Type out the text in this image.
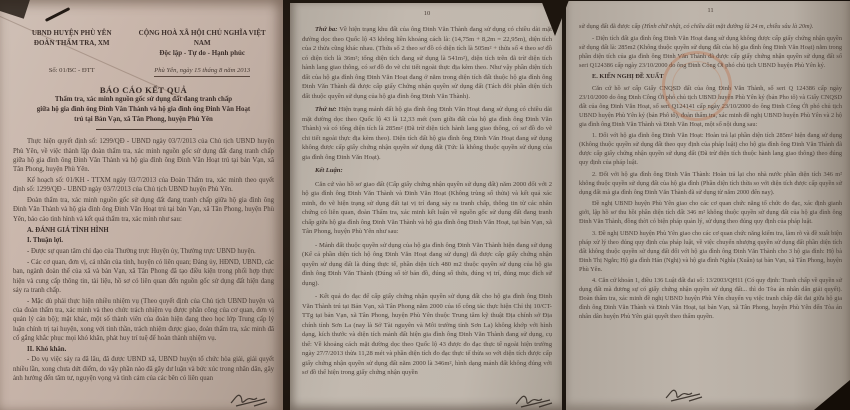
UBND HUYỆN PHÙ YÊN
ĐOÀN THẨM TRA, XM
CỘNG HOÀ XÃ HỘI CHỦ NGHĨA VIỆT NAM
Độc lập - Tự do - Hạnh phúc
Số: 01/BC - ĐTT	Phù Yên, ngày 15 tháng 8 năm 2013
BÁO CÁO KẾT QUẢ
Thẩm tra, xác minh nguồn gốc sử dụng đất đang tranh chấp
giữa hộ gia đình ông Đinh Văn Thành và hộ gia đình ông Đinh Văn Hoạt
trú tại Bản Vạn, xã Tân Phong, huyện Phù Yên

Thực hiện quyết định số: 1299/QĐ - UBND ngày 03/7/2013 của Chủ tịch UBND huyện Phù Yên, về việc thành lập đoàn thẩm tra, xác minh nguồn gốc sử dụng đất đang tranh chấp giữa hộ gia đình ông Đinh Văn Thành và hộ gia đình ông Đinh Văn Hoạt trú tại bản Vạn, xã Tân Phong, huyện Phù Yên.

Kế hoạch số: 01/KH - TTXM ngày 03/7/2013 của Đoàn Thẩm tra, xác minh theo quyết định số: 1299/QĐ - UBND ngày 03/7/2013 của Chủ tịch UBND huyện Phù Yên.

Đoàn thẩm tra, xác minh nguồn gốc sử dụng đất đang tranh chấp giữa hộ gia đình ông Đinh Văn Thành và hộ gia đình ông Đinh Văn Hoạt trú tại bản Vạn, xã Tân Phong, huyện Phù Yên, báo cáo tình hình và kết quả thẩm tra, xác minh như sau:

A. ĐÁNH GIÁ TÌNH HÌNH

I. Thuận lợi.

- Được sự quan tâm chỉ đạo của Thường trực Huyện ủy, Thường trực UBND huyện.

- Các cơ quan, đơn vị, cá nhân của tỉnh, huyện có liên quan; Đảng ủy, HĐND, UBND, các ban, ngành đoàn thể của xã và bản Vạn, xã Tân Phong đã tạo điều kiện trong phối hợp thực hiện và cung cấp thông tin, tài liệu, hồ sơ có liên quan đến nguồn gốc sử dụng đất hiện đang sảy ra tranh chấp.

- Mặc dù phải thực hiện nhiều nhiệm vụ (Theo quyết định của Chủ tịch UBND huyện và của đoàn thẩm tra, xác minh và theo chức trách nhiệm vụ được phân công của cơ quan, đơn vị quản lý cán bộ); mặt khác, một số thành viên của đoàn hiện đang theo học lớp Trung cấp lý luận chính trị tại huyện, xong với tinh thần, trách nhiệm được giao, đoàn thẩm tra, xác minh đã cố gắng khắc phục mọi khó khăn, phát huy trí tuệ để hoàn thành nhiệm vụ.

II. Khó khăn.

- Do vụ việc sảy ra đã lâu, đã được UBND xã, UBND huyện tổ chức hòa giải, giải quyết nhiều lần, xong chưa dứt điểm, do vậy phần nào đã gây dư luận và bức xúc trong nhân dân, gây ảnh hưởng đến tâm tư, nguyện vọng và tình cảm của các bên có liên quan

10

Thứ ba: Về hiện trạng khu đất của ông Đinh Văn Thành đang sử dụng có chiều dài mặt đường dọc theo Quốc lộ 43 không liền khoảng cách là: (14,75m + 8,2m = 22,95m), diện tích của 2 thửa cũng khác nhau. (Thửa số 2 theo sơ đồ có diện tích là 505m² + thửa số 4 theo sơ đồ có diện tích là 36m²; tổng diện tích đang sử dụng là 541m²), diện tích trên đã trừ diện tích hành lang giao thông, có sơ đồ đo vẽ chi tiết ngoài thực địa kèm theo. Như vậy phần diện tích đất của hộ gia đình ông Đinh Văn Hoạt đang ở nằm trong diện tích đất thuộc hộ gia đình ông Đinh Văn Thành đã được cấp giấy Chứng nhận quyền sử dụng đất (Tách đôi phần diện tích đất thuộc quyền sử dụng của hộ gia đình ông Đinh Văn Thành).

Thứ tư: Hiện trạng mảnh đất hộ gia đình ông Đinh Văn Hoạt đang sử dụng có chiều dài mặt đường dọc theo Quốc lộ 43 là 12,33 mét (xen giữa đất của hộ gia đình ông Đinh Văn Thành) và có tổng diện tích là 285m² (Đã trừ diện tích hành lang giao thông, có sơ đồ đo vẽ chi tiết ngoài thực địa kèm theo). Diện tích đất hộ gia đình ông Đinh Văn Hoạt đang sử dụng không được cấp giấy chứng nhận quyền sử dụng đất (Tức là không thuộc quyền sử dụng của gia đình ông Đinh Văn Hoạt).

Kết Luận:

Căn cứ vào hồ sơ giao đất (Cấp giấy chứng nhận quyền sử dụng đất) năm 2000 đối với 2 hộ gia đình ông Đinh Văn Thành và Đinh Văn Hoạt (Không trùng số thửa) và kết quả xác minh, đo vẽ hiện trạng sử dụng đất tại vị trí đang sảy ra tranh chấp, thông tin từ các nhân chứng có liên quan, đoàn Thẩm tra, xác minh kết luận về nguồn gốc sử dụng đất đang tranh chấp giữa hộ gia đình ông Đinh Văn Thành và hộ gia đình ông Đinh Văn Hoạt, tại bản Vạn, xã Tân Phong, huyện Phù Yên như sau:

- Mảnh đất thuộc quyền sử dụng của hộ gia đình ông Đinh Văn Thành hiện đang sử dụng (Kể cả phần diện tích hộ ông Đinh Văn Hoạt đang sử dụng) đã được cấp giấy chứng nhận quyền sử dụng đất là đúng thực tế, phần diện tích 480 m2 thuộc quyền sử dụng của hộ gia đình ông Đinh Văn Thành (Đúng số tờ bản đồ, đúng số thửa, đúng vị trí, đúng mục đích sử dụng).

- Kết quả đo đạc để cấp giấy chứng nhận quyền sử dụng đất cho hộ gia đình ông Đinh Văn Thành trú tại Bản Vạn, xã Tân Phong năm 2000 của tổ công tác thực hiện Chỉ thị 10/CT-TTg tại bản Vạn, xã Tân Phong, huyện Phù Yên thuộc Trung tâm kỹ thuật Địa chính sở Địa chính tỉnh Sơn La (nay là Sở Tài nguyên và Môi trường tỉnh Sơn La) không khớp với hình dạng, kích thước và diện tích mảnh đất hiện gia đình ông Đinh Văn Thành đang sử dụng, cụ thể: Về khoảng cách mặt đường dọc theo Quốc lộ 43 được đo đạc thực tế ngoài hiện trường ngày 27/7/2013 thừa 11,28 mét và phần diện tích đo đạc thực tế thừa so với diện tích được cấp giấy chứng nhận quyền sử dụng đất năm 2000 là 346m², hình dạng mảnh đất không đúng với sơ đồ thể hiện trong giấy chứng nhận quyền

11

sử dụng đất đã được cấp (Hình chữ nhật, có chiều dài mặt đường là 24 m, chiều sâu là 20m).

- Diện tích đất gia đình ông Đinh Văn Hoạt đang sử dụng không được cấp giấy chứng nhận quyền sử dụng đất là: 285m2 (Không thuộc quyền sử dụng đất của hộ gia đình ông Đinh Văn Hoạt) nằm trong phần diện tích của gia đình ông Đinh Văn Thành đã được cấp giấy chứng nhận quyền sử dụng đất số seri Q124386 cấp ngày 23/10/2000 do ông Đinh Công Ởi phó chủ tịch UBND huyện Phù Yên ký.

E. KIẾN NGHỊ ĐỀ XUẤT

Căn cứ hồ sơ cấp Giấy CNQSD đất của ông Đinh Văn Thành, số seri Q 124386 cấp ngày 23/10/2000 do ông Đinh Công Ởi phó chủ tịch UBND huyện Phù Yên ký (bản Pho tô) và Giấy CNQSD đất của ông Đinh Văn Hoạt, số seri Q124141 cấp ngày 23/10/2000 do ông Đinh Công Ởi phó chủ tịch UBND huyện Phù Yên ký (bản Phô tô), đoàn thẩm tra, xác minh đề nghị UBND huyện Phù Yên và 2 hộ gia đình ông Đinh Văn Thành và Đinh Văn Hoạt, một số nội dung sau:

1. Đối với hộ gia đình ông Đinh Văn Hoạt: Hoàn trả lại phần diện tích 285m² hiện đang sử dụng (Không thuộc quyền sử dụng đất theo quy định của pháp luật) cho hộ gia đình ông Đinh Văn Thành đã được cấp giấy chứng nhận quyền sử dụng đất (Đã trừ diện tích thuộc hành lang giao thông) theo đúng quy định của pháp luật.

2. Đối với hộ gia đình ông Đinh Văn Thành: Hoàn trả lại cho nhà nước phần diện tích 346 m² không thuộc quyền sử dụng đất của hộ gia đình (Phần diện tích thừa so với diện tích được cấp quyền sử dụng đất mà gia đình ông Đinh Văn Thành đã sử dụng từ năm 2000 đến nay).

Đề nghị UBND huyện Phù Yên giao cho các cơ quan chức năng tổ chức đo đạc, xác định gianh giới, lập hồ sơ thu hồi phần diện tích đất 346 m² không thuộc quyền sử dụng đất của hộ gia đình ông Đinh Văn Thành, đồng thời có biện pháp quản lý, sử dụng theo đúng quy định của pháp luật.

3. Đề nghị UBND huyện Phù Yên giao cho các cơ quan chức năng kiểm tra, làm rõ và đề xuất biện pháp xử lý theo đúng quy định của pháp luật, về việc chuyển nhượng quyền sử dụng đất phần diện tích đất không thuộc quyền sử dụng đất đối với hộ gia đình ông Đinh Văn Thành cho 3 hộ gia đình: Hộ bà Đinh Thị Ngắn; Hộ gia đình Hán (Nghị) và hộ gia đình Nghĩa (Xuân) tại bản Vạn, xã Tân Phong, huyện Phù Yên.

4. Căn cứ khoản 1, điều 136 Luật đất đai số: 13/2003/QH11 (Có quy định: Tranh chấp về quyền sử dụng đất mà đương sự có giấy chứng nhận quyền sử dụng đất... thì do Tòa án nhân dân giải quyết). Đoàn thẩm tra, xác minh đề nghị UBND huyện Phù Yên chuyển vụ việc tranh chấp đất đai giữa hộ gia đình ông Đinh Văn Thành và Đinh Văn Hoạt, tại bản Vạn, xã Tân Phong, huyện Phù Yên đến Tòa án nhân dân huyện Phù Yên giải quyết theo thẩm quyền.
